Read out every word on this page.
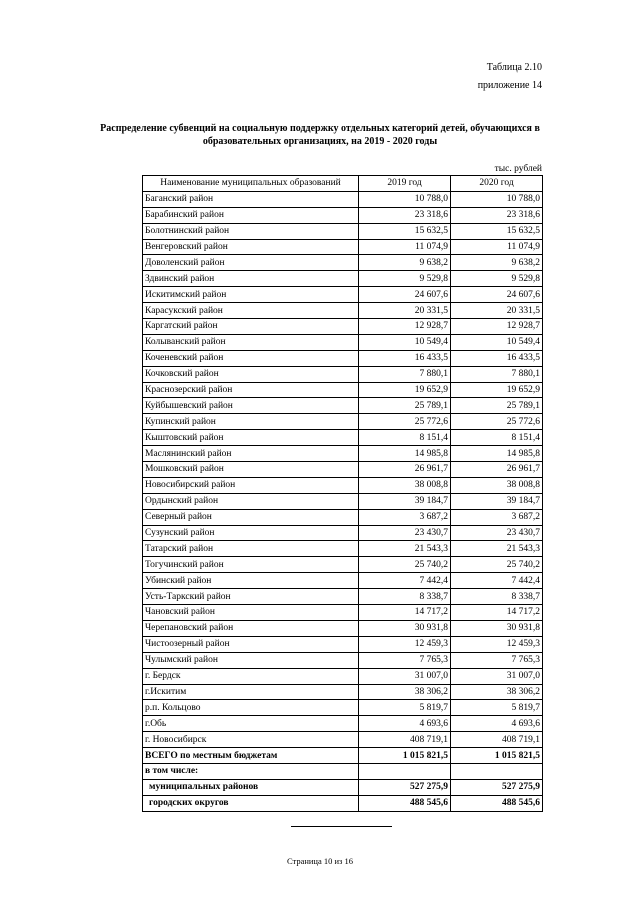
Таблица 2.10
приложение 14
Распределение субвенций на социальную поддержку отдельных категорий детей, обучающихся в образовательных организациях, на 2019 - 2020 годы
тыс. рублей
Наименование муниципальных образований	2019 год	2020 год
Баганский район	10 788,0	10 788,0
Барабинский район	23 318,6	23 318,6
Болотнинский район	15 632,5	15 632,5
Венгеровский район	11 074,9	11 074,9
Доволенский район	9 638,2	9 638,2
Здвинский район	9 529,8	9 529,8
Искитимский район	24 607,6	24 607,6
Карасукский район	20 331,5	20 331,5
Каргатский район	12 928,7	12 928,7
Колыванский район	10 549,4	10 549,4
Коченевский район	16 433,5	16 433,5
Кочковский район	7 880,1	7 880,1
Краснозерский район	19 652,9	19 652,9
Куйбышевский район	25 789,1	25 789,1
Купинский район	25 772,6	25 772,6
Кыштовский район	8 151,4	8 151,4
Маслянинский район	14 985,8	14 985,8
Мошковский район	26 961,7	26 961,7
Новосибирский район	38 008,8	38 008,8
Ордынский район	39 184,7	39 184,7
Северный район	3 687,2	3 687,2
Сузунский район	23 430,7	23 430,7
Татарский район	21 543,3	21 543,3
Тогучинский район	25 740,2	25 740,2
Убинский район	7 442,4	7 442,4
Усть-Таркский район	8 338,7	8 338,7
Чановский район	14 717,2	14 717,2
Черепановский район	30 931,8	30 931,8
Чистоозерный район	12 459,3	12 459,3
Чулымский район	7 765,3	7 765,3
г. Бердск	31 007,0	31 007,0
г.Искитим	38 306,2	38 306,2
р.п. Кольцово	5 819,7	5 819,7
г.Обь	4 693,6	4 693,6
г. Новосибирск	408 719,1	408 719,1
ВСЕГО по местным бюджетам	1 015 821,5	1 015 821,5
в том числе:		
муниципальных районов	527 275,9	527 275,9
городских округов	488 545,6	488 545,6
Страница 10 из 16
